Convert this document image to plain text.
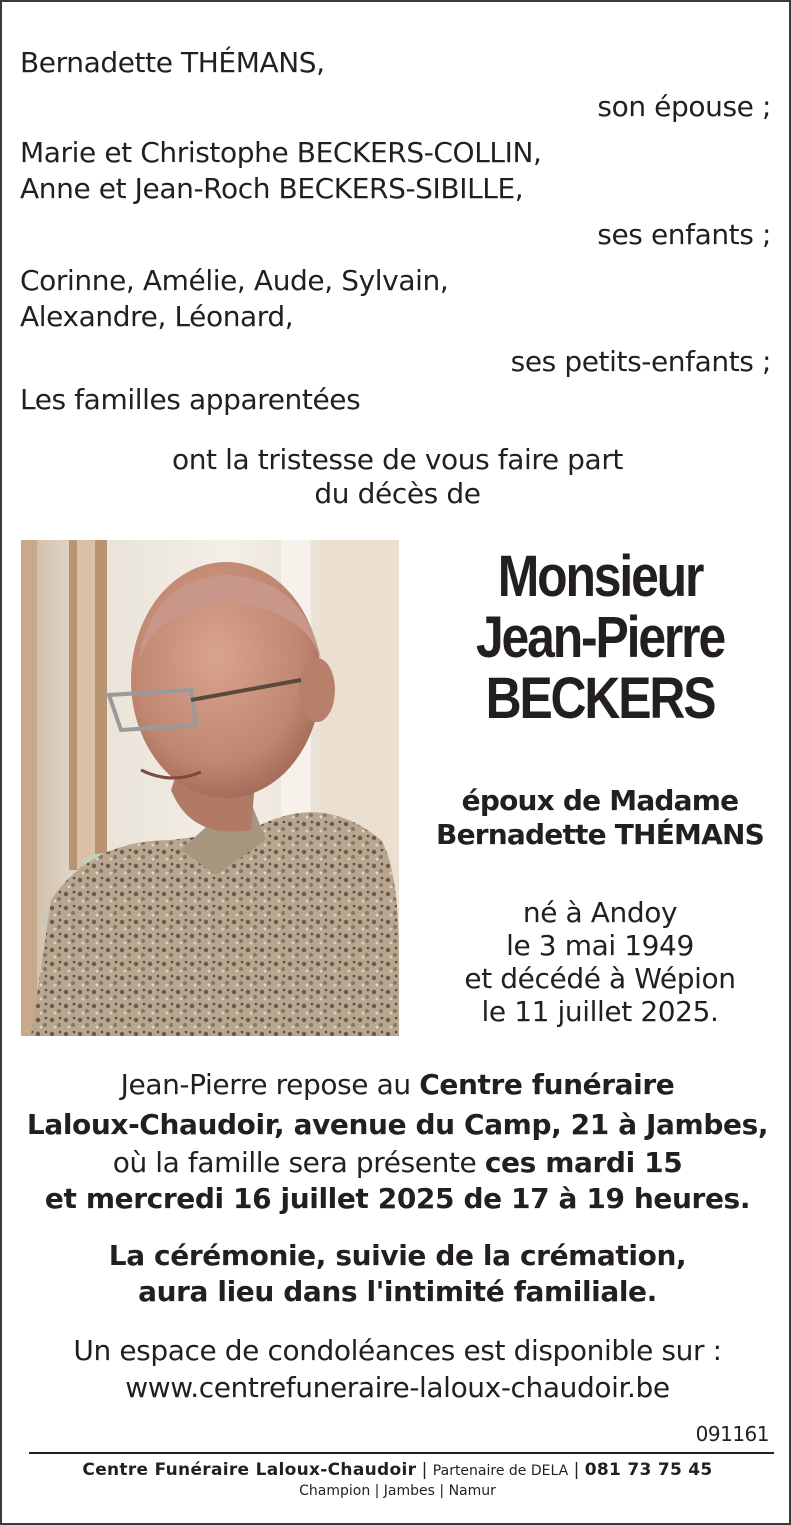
Bernadette THÉMANS,
son épouse ;
Marie et Christophe BECKERS-COLLIN,
Anne et Jean-Roch BECKERS-SIBILLE,
ses enfants ;
Corinne, Amélie, Aude, Sylvain,
Alexandre, Léonard,
ses petits-enfants ;
Les familles apparentées
ont la tristesse de vous faire part
du décès de
Monsieur
Jean-Pierre
BECKERS
époux de Madame
Bernadette THÉMANS
né à Andoy
le 3 mai 1949
et décédé à Wépion
le 11 juillet 2025.
Jean-Pierre repose au Centre funéraire
Laloux-Chaudoir, avenue du Camp, 21 à Jambes,
où la famille sera présente ces mardi 15
et mercredi 16 juillet 2025 de 17 à 19 heures.
La cérémonie, suivie de la crémation,
aura lieu dans l'intimité familiale.
Un espace de condoléances est disponible sur :
www.centrefuneraire-laloux-chaudoir.be
091161
Centre Funéraire Laloux-Chaudoir | Partenaire de DELA | 081 73 75 45
Champion | Jambes | Namur
